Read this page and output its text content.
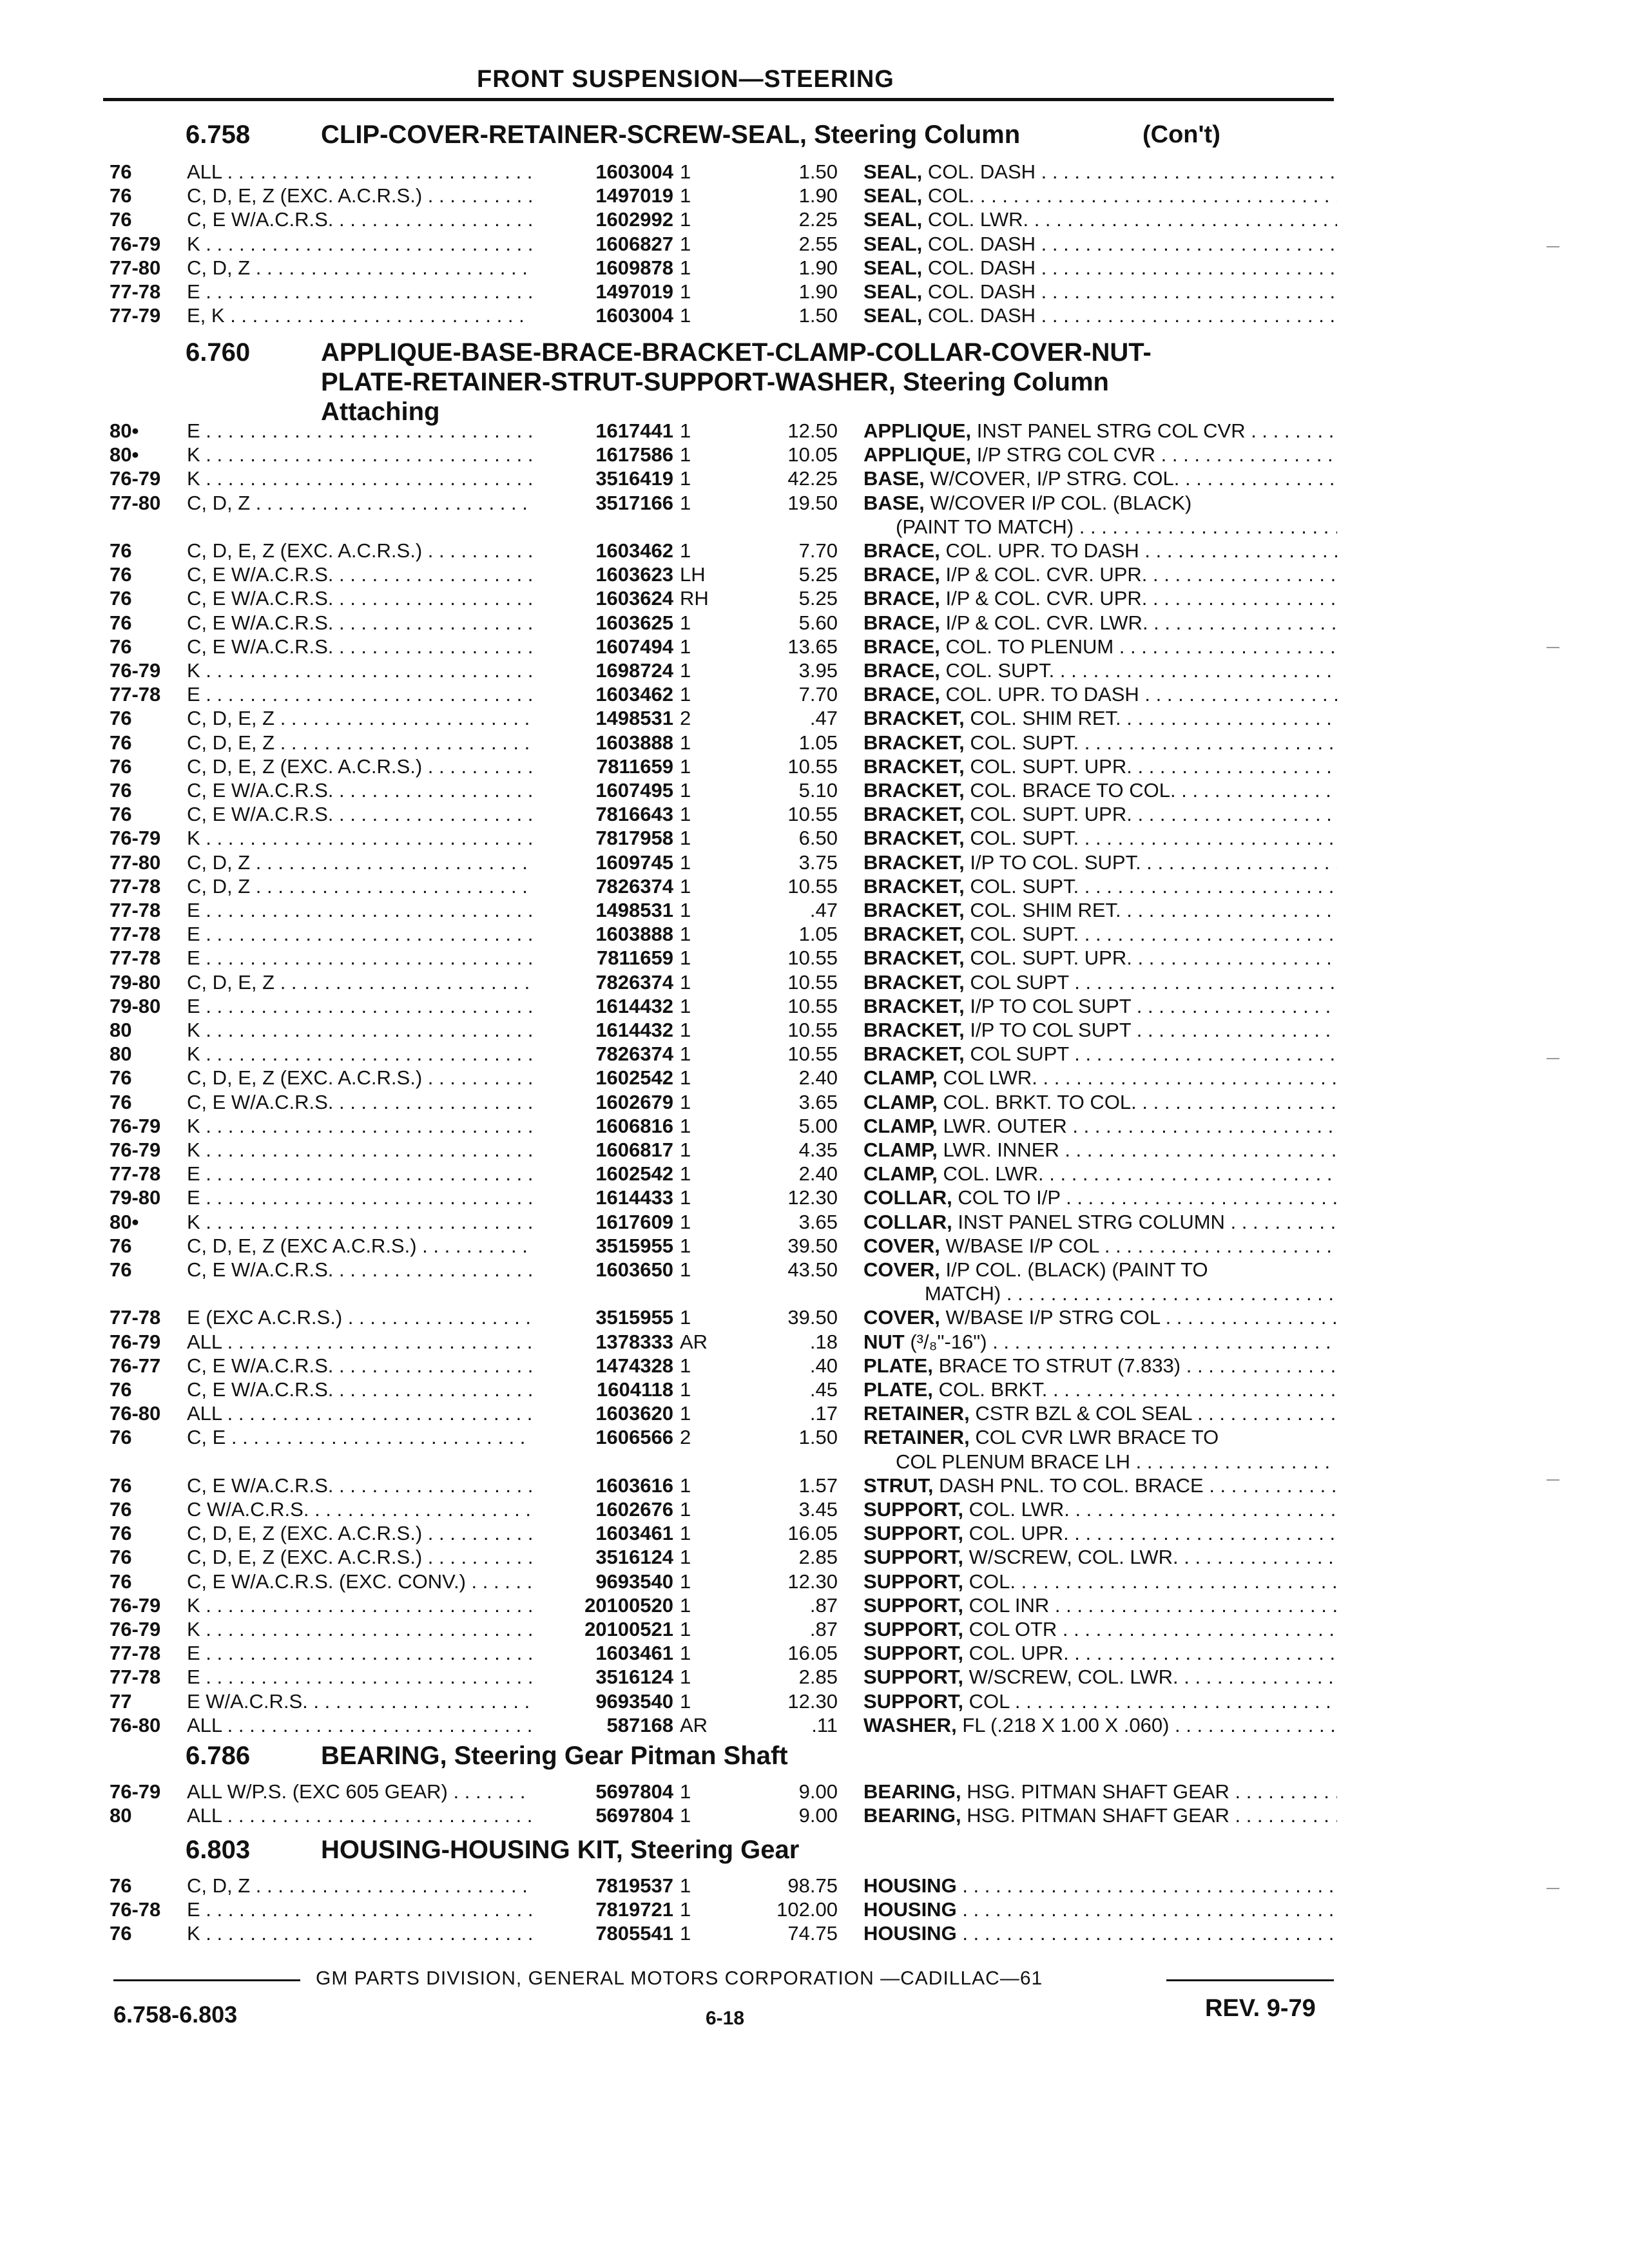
FRONT SUSPENSION—STEERING
6.758	CLIP-COVER-RETAINER-SCREW-SEAL, Steering Column	(Con't)
76	ALL . . .	1603004 1	1.50 SEAL, COL. DASH . . .
76	C, D, E, Z (EXC. A.C.R.S.) . . .	1497019 1	1.90 SEAL, COL. . . .
76	C, E W/A.C.R.S. . . .	1602992 1	2.25 SEAL, COL. LWR. . . .
76-79	K . . .	1606827 1	2.55 SEAL, COL. DASH . . .
77-80	C, D, Z . . .	1609878 1	1.90 SEAL, COL. DASH . . .
77-78	E . . .	1497019 1	1.90 SEAL, COL. DASH . . .
77-79	E, K . . .	1603004 1	1.50 SEAL, COL. DASH . . .
6.760	APPLIQUE-BASE-BRACE-BRACKET-CLAMP-COLLAR-COVER-NUT-
PLATE-RETAINER-STRUT-SUPPORT-WASHER, Steering Column
Attaching
80•	E . . .	1617441 1	12.50 APPLIQUE, INST PANEL STRG COL CVR . . .
80•	K . . .	1617586 1	10.05 APPLIQUE, I/P STRG COL CVR . . .
76-79	K . . .	3516419 1	42.25 BASE, W/COVER, I/P STRG. COL. . . .
77-80	C, D, Z . . .	3517166 1	19.50 BASE, W/COVER I/P COL. (BLACK)
(PAINT TO MATCH) . . .
76	C, D, E, Z (EXC. A.C.R.S.) . . .	1603462 1	7.70 BRACE, COL. UPR. TO DASH . . .
76	C, E W/A.C.R.S. . . .	1603623 LH	5.25 BRACE, I/P & COL. CVR. UPR. . . .
76	C, E W/A.C.R.S. . . .	1603624 RH	5.25 BRACE, I/P & COL. CVR. UPR. . . .
76	C, E W/A.C.R.S. . . .	1603625 1	5.60 BRACE, I/P & COL. CVR. LWR. . . .
76	C, E W/A.C.R.S. . . .	1607494 1	13.65 BRACE, COL. TO PLENUM . . .
76-79	K . . .	1698724 1	3.95 BRACE, COL. SUPT. . . .
77-78	E . . .	1603462 1	7.70 BRACE, COL. UPR. TO DASH . . .
76	C, D, E, Z . . .	1498531 2	.47 BRACKET, COL. SHIM RET. . . .
76	C, D, E, Z . . .	1603888 1	1.05 BRACKET, COL. SUPT. . . .
76	C, D, E, Z (EXC. A.C.R.S.) . . .	7811659 1	10.55 BRACKET, COL. SUPT. UPR. . . .
76	C, E W/A.C.R.S. . . .	1607495 1	5.10 BRACKET, COL. BRACE TO COL. . . .
76	C, E W/A.C.R.S. . . .	7816643 1	10.55 BRACKET, COL. SUPT. UPR. . . .
76-79	K . . .	7817958 1	6.50 BRACKET, COL. SUPT. . . .
77-80	C, D, Z . . .	1609745 1	3.75 BRACKET, I/P TO COL. SUPT. . . .
77-78	C, D, Z . . .	7826374 1	10.55 BRACKET, COL. SUPT. . . .
77-78	E . . .	1498531 1	.47 BRACKET, COL. SHIM RET. . . .
77-78	E . . .	1603888 1	1.05 BRACKET, COL. SUPT. . . .
77-78	E . . .	7811659 1	10.55 BRACKET, COL. SUPT. UPR. . . .
79-80	C, D, E, Z . . .	7826374 1	10.55 BRACKET, COL SUPT . . .
79-80	E . . .	1614432 1	10.55 BRACKET, I/P TO COL SUPT . . .
80	K . . .	1614432 1	10.55 BRACKET, I/P TO COL SUPT . . .
80	K . . .	7826374 1	10.55 BRACKET, COL SUPT . . .
76	C, D, E, Z (EXC. A.C.R.S.) . . .	1602542 1	2.40 CLAMP, COL LWR. . . .
76	C, E W/A.C.R.S. . . .	1602679 1	3.65 CLAMP, COL. BRKT. TO COL. . . .
76-79	K . . .	1606816 1	5.00 CLAMP, LWR. OUTER . . .
76-79	K . . .	1606817 1	4.35 CLAMP, LWR. INNER . . .
77-78	E . . .	1602542 1	2.40 CLAMP, COL. LWR. . . .
79-80	E . . .	1614433 1	12.30 COLLAR, COL TO I/P . . .
80•	K . . .	1617609 1	3.65 COLLAR, INST PANEL STRG COLUMN . . .
76	C, D, E, Z (EXC A.C.R.S.) . . .	3515955 1	39.50 COVER, W/BASE I/P COL . . .
76	C, E W/A.C.R.S. . . .	1603650 1	43.50 COVER, I/P COL. (BLACK) (PAINT TO
MATCH) . . .
77-78	E (EXC A.C.R.S.) . . .	3515955 1	39.50 COVER, W/BASE I/P STRG COL . . .
76-79	ALL . . .	1378333 AR	.18 NUT (³/₈"-16") . . .
76-77	C, E W/A.C.R.S. . . .	1474328 1	.40 PLATE, BRACE TO STRUT (7.833) . . .
76	C, E W/A.C.R.S. . . .	1604118 1	.45 PLATE, COL. BRKT. . . .
76-80	ALL . . .	1603620 1	.17 RETAINER, CSTR BZL & COL SEAL . . .
76	C, E . . .	1606566 2	1.50 RETAINER, COL CVR LWR BRACE TO
COL PLENUM BRACE LH . . .
76	C, E W/A.C.R.S. . . .	1603616 1	1.57 STRUT, DASH PNL. TO COL. BRACE . . .
76	C W/A.C.R.S. . . .	1602676 1	3.45 SUPPORT, COL. LWR. . . .
76	C, D, E, Z (EXC. A.C.R.S.) . . .	1603461 1	16.05 SUPPORT, COL. UPR. . . .
76	C, D, E, Z (EXC. A.C.R.S.) . . .	3516124 1	2.85 SUPPORT, W/SCREW, COL. LWR. . . .
76	C, E W/A.C.R.S. (EXC. CONV.) . . .	9693540 1	12.30 SUPPORT, COL. . . .
76-79	K . . .	20100520 1	.87 SUPPORT, COL INR . . .
76-79	K . . .	20100521 1	.87 SUPPORT, COL OTR . . .
77-78	E . . .	1603461 1	16.05 SUPPORT, COL. UPR. . . .
77-78	E . . .	3516124 1	2.85 SUPPORT, W/SCREW, COL. LWR. . . .
77	E W/A.C.R.S. . . .	9693540 1	12.30 SUPPORT, COL . . .
76-80	ALL . . .	587168 AR	.11 WASHER, FL (.218 X 1.00 X .060) . . .
6.786	BEARING, Steering Gear Pitman Shaft
76-79	ALL W/P.S. (EXC 605 GEAR) . . .	5697804 1	9.00 BEARING, HSG. PITMAN SHAFT GEAR . . .
80	ALL . . .	5697804 1	9.00 BEARING, HSG. PITMAN SHAFT GEAR . . .
6.803	HOUSING-HOUSING KIT, Steering Gear
76	C, D, Z . . .	7819537 1	98.75 HOUSING . . .
76-78	E . . .	7819721 1	102.00 HOUSING . . .
76	K . . .	7805541 1	74.75 HOUSING . . .
GM PARTS DIVISION, GENERAL MOTORS CORPORATION —CADILLAC—61
6.758-6.803	6-18	REV. 9-79
